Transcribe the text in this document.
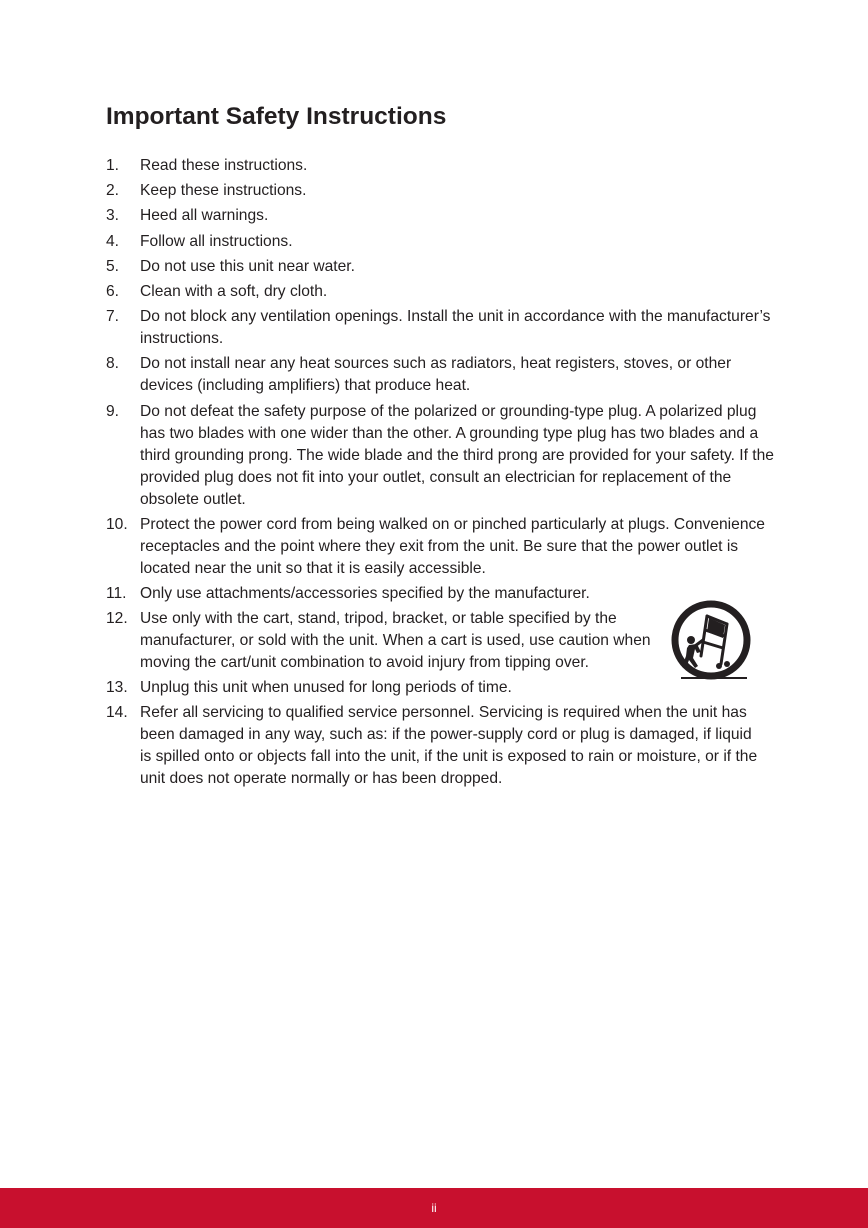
Important Safety Instructions
1. Read these instructions.
2. Keep these instructions.
3. Heed all warnings.
4. Follow all instructions.
5. Do not use this unit near water.
6. Clean with a soft, dry cloth.
7. Do not block any ventilation openings. Install the unit in accordance with the manufacturer’s instructions.
8. Do not install near any heat sources such as radiators, heat registers, stoves, or other devices (including amplifiers) that produce heat.
9. Do not defeat the safety purpose of the polarized or grounding-type plug. A polarized plug has two blades with one wider than the other. A grounding type plug has two blades and a third grounding prong. The wide blade and the third prong are provided for your safety. If the provided plug does not fit into your outlet, consult an electrician for replacement of the obsolete outlet.
10. Protect the power cord from being walked on or pinched particularly at plugs. Convenience receptacles and the point where they exit from the unit. Be sure that the power outlet is located near the unit so that it is easily accessible.
11. Only use attachments/accessories specified by the manufacturer.
12. Use only with the cart, stand, tripod, bracket, or table specified by the manufacturer, or sold with the unit. When a cart is used, use caution when moving the cart/unit combination to avoid injury from tipping over.
13. Unplug this unit when unused for long periods of time.
14. Refer all servicing to qualified service personnel. Servicing is required when the unit has been damaged in any way, such as: if the power-supply cord or plug is damaged, if liquid is spilled onto or objects fall into the unit, if the unit is exposed to rain or moisture, or if the unit does not operate normally or has been dropped.
ii
